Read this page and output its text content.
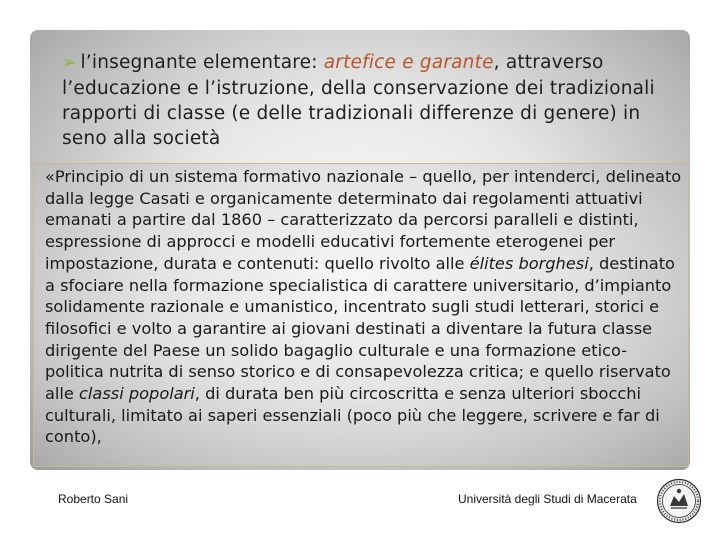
➢ l’insegnante elementare: artefice e garante, attraverso l’educazione e l’istruzione, della conservazione dei tradizionali rapporti di classe (e delle tradizionali differenze di genere) in seno alla società
«Principio di un sistema formativo nazionale – quello, per intenderci, delineato dalla legge Casati e organicamente determinato dai regolamenti attuativi emanati a partire dal 1860 – caratterizzato da percorsi paralleli e distinti, espressione di approcci e modelli educativi fortemente eterogenei per impostazione, durata e contenuti: quello rivolto alle élites borghesi, destinato a sfociare nella formazione specialistica di carattere universitario, d’impianto solidamente razionale e umanistico, incentrato sugli studi letterari, storici e filosofici e volto a garantire ai giovani destinati a diventare la futura classe dirigente del Paese un solido bagaglio culturale e una formazione etico-politica nutrita di senso storico e di consapevolezza critica; e quello riservato alle classi popolari, di durata ben più circoscritta e senza ulteriori sbocchi culturali, limitato ai saperi essenziali (poco più che leggere, scrivere e far di conto),
Roberto Sani	Università degli Studi di Macerata
